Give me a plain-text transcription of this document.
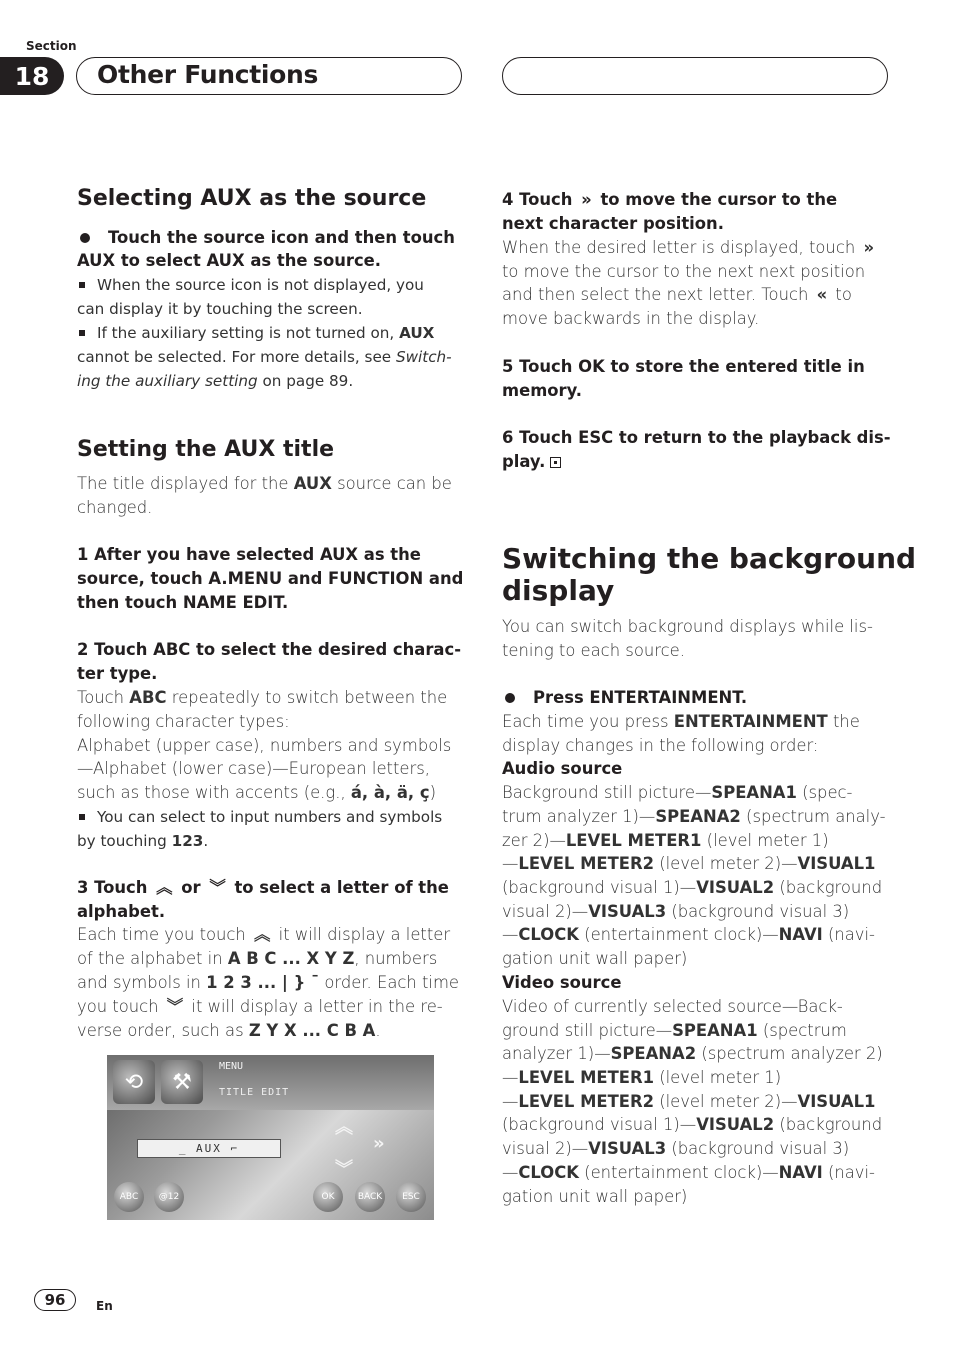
Section
18	Other Functions
Selecting AUX as the source
Touch the source icon and then touch
AUX to select AUX as the source.
When the source icon is not displayed, you
can display it by touching the screen.
If the auxiliary setting is not turned on, AUX
cannot be selected. For more details, see Switch-
ing the auxiliary setting on page 89.
Setting the AUX title
The title displayed for the AUX source can be
changed.
1 After you have selected AUX as the
source, touch A.MENU and FUNCTION and
then touch NAME EDIT.
2 Touch ABC to select the desired charac-
ter type.
Touch ABC repeatedly to switch between the
following character types:
Alphabet (upper case), numbers and symbols
—Alphabet (lower case)—European letters,
such as those with accents (e.g., á, à, ä, ç)
You can select to input numbers and symbols
by touching 123.
3 Touch ︽ or ︾ to select a letter of the
alphabet.
Each time you touch ︽ it will display a letter
of the alphabet in A B C ... X Y Z, numbers
and symbols in 1 2 3 ... | } ¯ order. Each time
you touch ︾ it will display a letter in the re-
verse order, such as Z Y X ... C B A.
⟲	⚒
MENU
TITLE EDIT
︽
»
︾
_ AUX ⌐
ABC	@12	OK	BACK	ESC
4 Touch » to move the cursor to the
next character position.
When the desired letter is displayed, touch »
to move the cursor to the next next position
and then select the next letter. Touch « to
move backwards in the display.
5 Touch OK to store the entered title in
memory.
6 Touch ESC to return to the playback dis-
play.
Switching the background
display
You can switch background displays while lis-
tening to each source.
Press ENTERTAINMENT.
Each time you press ENTERTAINMENT the
display changes in the following order:
Audio source
Background still picture—SPEANA1 (spec-
trum analyzer 1)—SPEANA2 (spectrum analy-
zer 2)—LEVEL METER1 (level meter 1)
—LEVEL METER2 (level meter 2)—VISUAL1
(background visual 1)—VISUAL2 (background
visual 2)—VISUAL3 (background visual 3)
—CLOCK (entertainment clock)—NAVI (navi-
gation unit wall paper)
Video source
Video of currently selected source—Back-
ground still picture—SPEANA1 (spectrum
analyzer 1)—SPEANA2 (spectrum analyzer 2)
—LEVEL METER1 (level meter 1)
—LEVEL METER2 (level meter 2)—VISUAL1
(background visual 1)—VISUAL2 (background
visual 2)—VISUAL3 (background visual 3)
—CLOCK (entertainment clock)—NAVI (navi-
gation unit wall paper)
96	En
